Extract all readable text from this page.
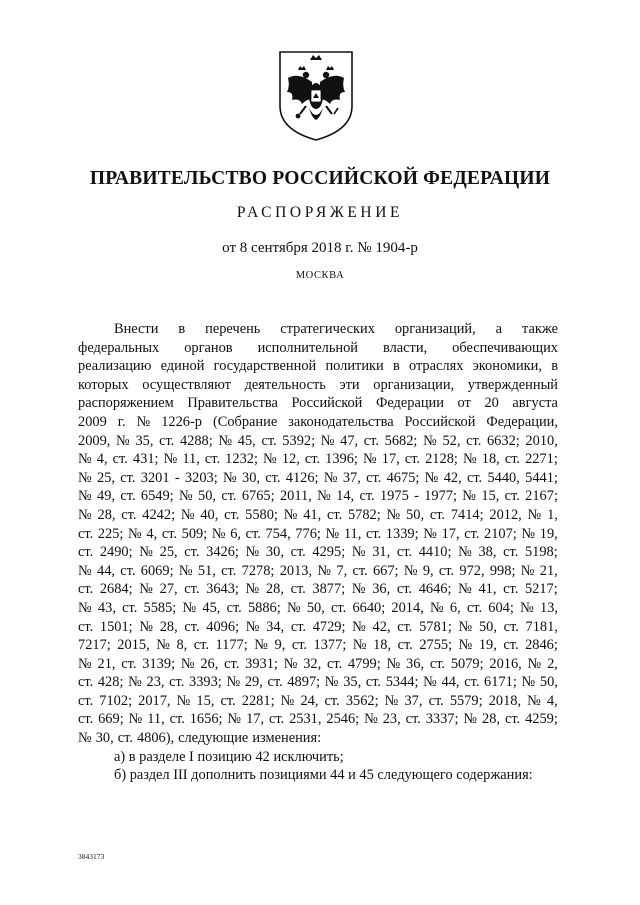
ПРАВИТЕЛЬСТВО РОССИЙСКОЙ ФЕДЕРАЦИИ
РАСПОРЯЖЕНИЕ
от 8 сентября 2018 г. № 1904-р
МОСКВА
Внести в перечень стратегических организаций, а также
федеральных органов исполнительной власти, обеспечивающих
реализацию единой государственной политики в отраслях экономики, в
которых осуществляют деятельность эти организации, утвержденный
распоряжением Правительства Российской Федерации от 20 августа
2009 г. № 1226-р (Собрание законодательства Российской Федерации,
2009, № 35, ст. 4288; № 45, ст. 5392; № 47, ст. 5682; № 52, ст. 6632; 2010,
№ 4, ст. 431; № 11, ст. 1232; № 12, ст. 1396; № 17, ст. 2128; № 18, ст. 2271;
№ 25, ст. 3201 - 3203; № 30, ст. 4126; № 37, ст. 4675; № 42, ст. 5440, 5441;
№ 49, ст. 6549; № 50, ст. 6765; 2011, № 14, ст. 1975 - 1977; № 15, ст. 2167;
№ 28, ст. 4242; № 40, ст. 5580; № 41, ст. 5782; № 50, ст. 7414; 2012, № 1,
ст. 225; № 4, ст. 509; № 6, ст. 754, 776; № 11, ст. 1339; № 17, ст. 2107; № 19,
ст. 2490; № 25, ст. 3426; № 30, ст. 4295; № 31, ст. 4410; № 38, ст. 5198;
№ 44, ст. 6069; № 51, ст. 7278; 2013, № 7, ст. 667; № 9, ст. 972, 998; № 21,
ст. 2684; № 27, ст. 3643; № 28, ст. 3877; № 36, ст. 4646; № 41, ст. 5217;
№ 43, ст. 5585; № 45, ст. 5886; № 50, ст. 6640; 2014, № 6, ст. 604; № 13,
ст. 1501; № 28, ст. 4096; № 34, ст. 4729; № 42, ст. 5781; № 50, ст. 7181,
7217; 2015, № 8, ст. 1177; № 9, ст. 1377; № 18, ст. 2755; № 19, ст. 2846;
№ 21, ст. 3139; № 26, ст. 3931; № 32, ст. 4799; № 36, ст. 5079; 2016, № 2,
ст. 428; № 23, ст. 3393; № 29, ст. 4897; № 35, ст. 5344; № 44, ст. 6171; № 50,
ст. 7102; 2017, № 15, ст. 2281; № 24, ст. 3562; № 37, ст. 5579; 2018, № 4,
ст. 669; № 11, ст. 1656; № 17, ст. 2531, 2546; № 23, ст. 3337; № 28, ст. 4259;
№ 30, ст. 4806), следующие изменения:
а) в разделе I позицию 42 исключить;
б) раздел III дополнить позициями 44 и 45 следующего содержания:
3843173
